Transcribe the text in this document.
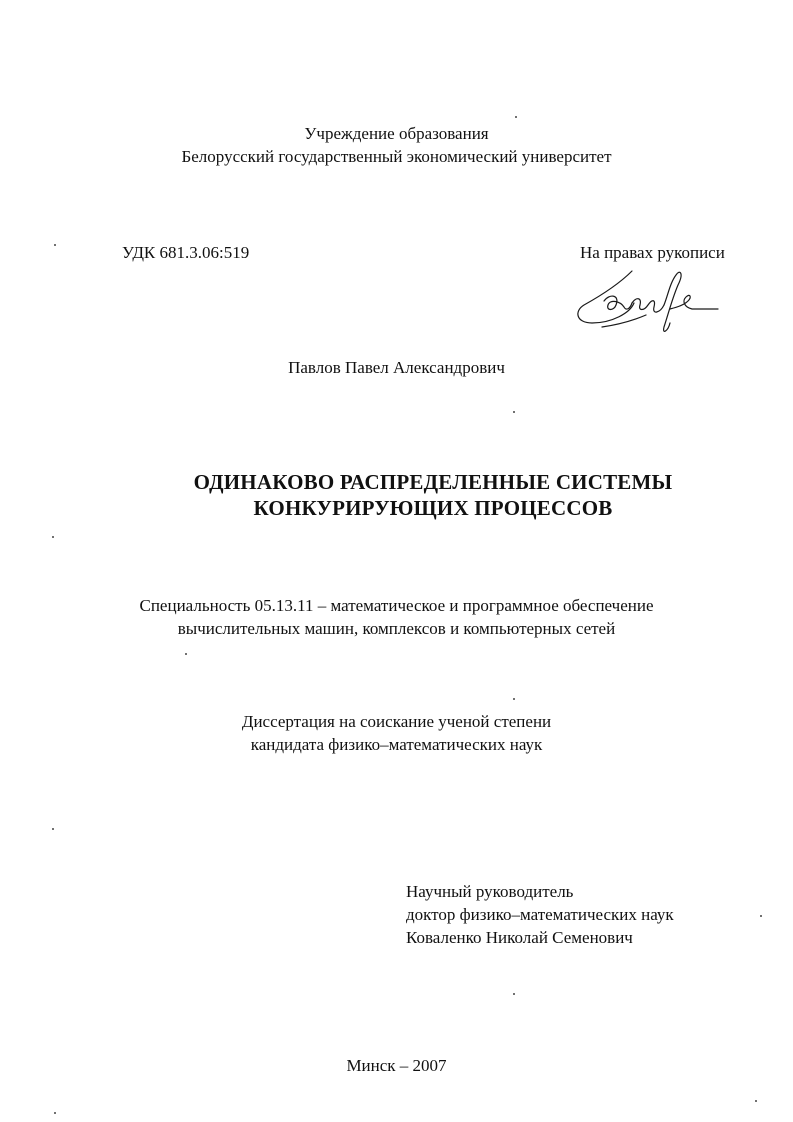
Учреждение образования
Белорусский государственный экономический университет
УДК 681.3.06:519	На правах рукописи
Павлов Павел Александрович
ОДИНАКОВО РАСПРЕДЕЛЕННЫЕ СИСТЕМЫ
КОНКУРИРУЮЩИХ ПРОЦЕССОВ
Специальность 05.13.11 – математическое и программное обеспечение
вычислительных машин, комплексов и компьютерных сетей
Диссертация на соискание ученой степени
кандидата физико–математических наук
Научный руководитель
доктор физико–математических наук
Коваленко Николай Семенович
Минск – 2007
